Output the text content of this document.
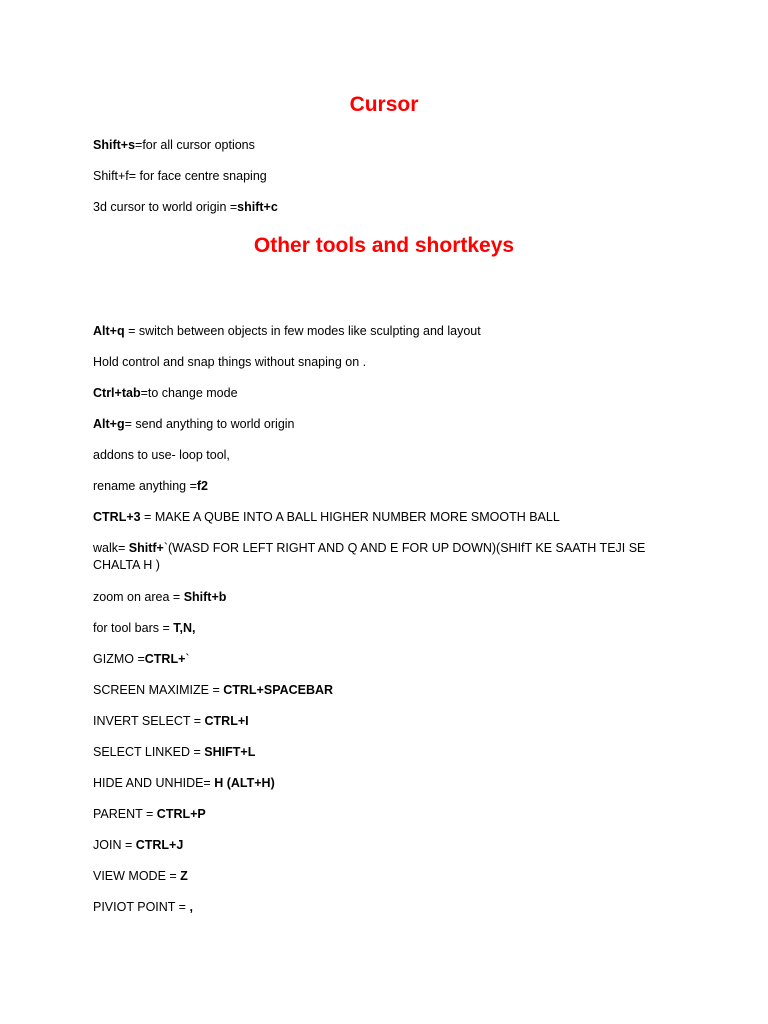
Cursor

Shift+s=for all cursor options

Shift+f= for face centre snaping

3d cursor to world origin =shift+c

Other tools and shortkeys

Alt+q = switch between objects in few modes like sculpting and layout

Hold control and snap things without snaping on .

Ctrl+tab=to change mode

Alt+g= send anything to world origin

addons to use- loop tool,

rename anything =f2

CTRL+3 = MAKE A QUBE INTO A BALL HIGHER NUMBER MORE SMOOTH BALL

walk= Shitf+`(WASD FOR LEFT RIGHT AND Q AND E FOR UP DOWN)(SHIfT KE SAATH TEJI SE CHALTA H )

zoom on area = Shift+b

for tool bars = T,N,

GIZMO =CTRL+`

SCREEN MAXIMIZE = CTRL+SPACEBAR

INVERT SELECT = CTRL+I

SELECT LINKED = SHIFT+L

HIDE AND UNHIDE= H (ALT+H)

PARENT = CTRL+P

JOIN = CTRL+J

VIEW MODE = Z

PIVIOT POINT = ,
